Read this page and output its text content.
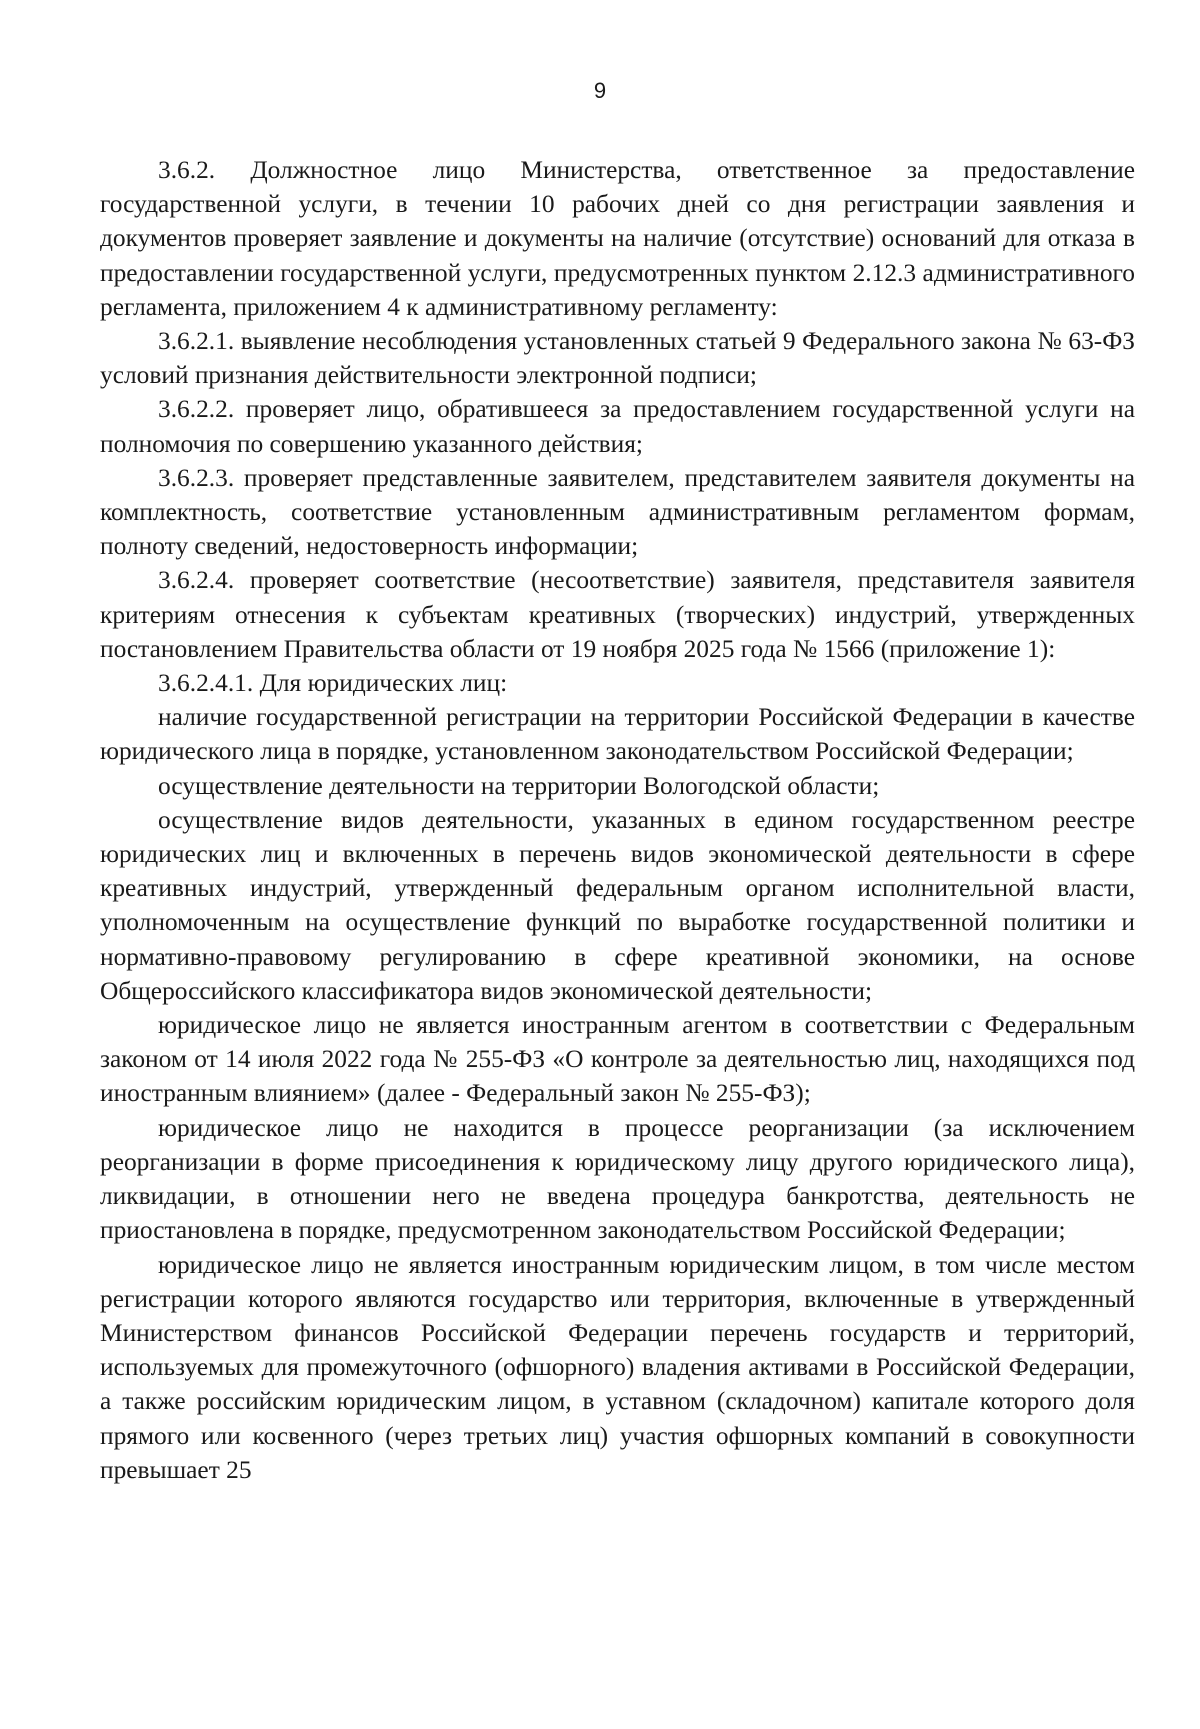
9

3.6.2. Должностное лицо Министерства, ответственное за предоставление государственной услуги, в течении 10 рабочих дней со дня регистрации заявления и документов проверяет заявление и документы на наличие (отсутствие) оснований для отказа в предоставлении государственной услуги, предусмотренных пунктом 2.12.3 административного регламента, приложением 4 к административному регламенту:

3.6.2.1. выявление несоблюдения установленных статьей 9 Федерального закона № 63-ФЗ условий признания действительности электронной подписи;

3.6.2.2. проверяет лицо, обратившееся за предоставлением государственной услуги на полномочия по совершению указанного действия;

3.6.2.3. проверяет представленные заявителем, представителем заявителя документы на комплектность, соответствие установленным административным регламентом формам, полноту сведений, недостоверность информации;

3.6.2.4. проверяет соответствие (несоответствие) заявителя, представителя заявителя критериям отнесения к субъектам креативных (творческих) индустрий, утвержденных постановлением Правительства области от 19 ноября 2025 года № 1566 (приложение 1):

3.6.2.4.1. Для юридических лиц:

наличие государственной регистрации на территории Российской Федерации в качестве юридического лица в порядке, установленном законодательством Российской Федерации;

осуществление деятельности на территории Вологодской области;

осуществление видов деятельности, указанных в едином государственном реестре юридических лиц и включенных в перечень видов экономической деятельности в сфере креативных индустрий, утвержденный федеральным органом исполнительной власти, уполномоченным на осуществление функций по выработке государственной политики и нормативно-правовому регулированию в сфере креативной экономики, на основе Общероссийского классификатора видов экономической деятельности;

юридическое лицо не является иностранным агентом в соответствии с Федеральным законом от 14 июля 2022 года № 255-ФЗ «О контроле за деятельностью лиц, находящихся под иностранным влиянием» (далее - Федеральный закон № 255-ФЗ);

юридическое лицо не находится в процессе реорганизации (за исключением реорганизации в форме присоединения к юридическому лицу другого юридического лица), ликвидации, в отношении него не введена процедура банкротства, деятельность не приостановлена в порядке, предусмотренном законодательством Российской Федерации;

юридическое лицо не является иностранным юридическим лицом, в том числе местом регистрации которого являются государство или территория, включенные в утвержденный Министерством финансов Российской Федерации перечень государств и территорий, используемых для промежуточного (офшорного) владения активами в Российской Федерации, а также российским юридическим лицом, в уставном (складочном) капитале которого доля прямого или косвенного (через третьих лиц) участия офшорных компаний в совокупности превышает 25
